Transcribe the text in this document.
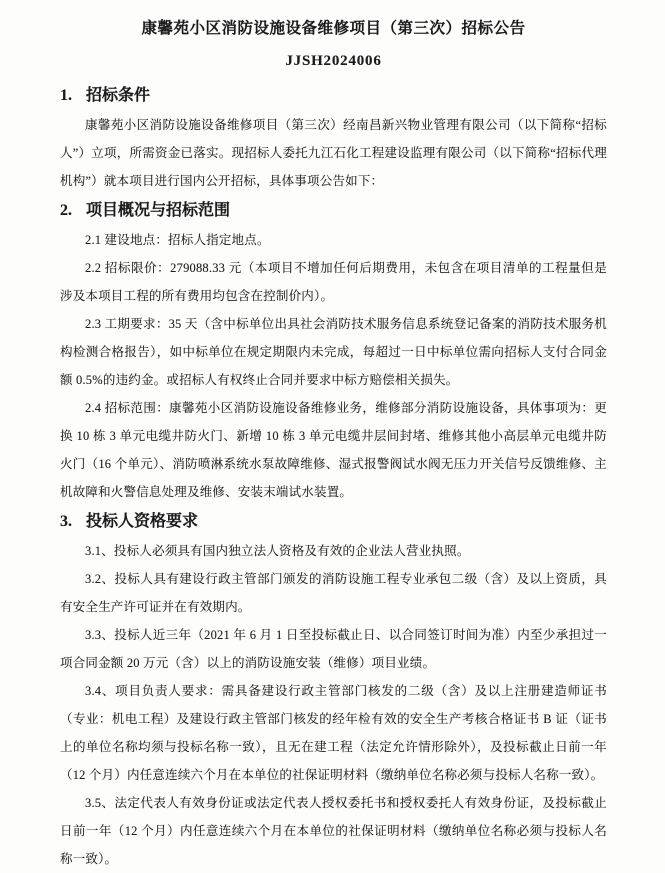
康馨苑小区消防设施设备维修项目（第三次）招标公告
JJSH2024006
1. 招标条件

康馨苑小区消防设施设备维修项目（第三次）经南昌新兴物业管理有限公司（以下简称“招标人”）立项，所需资金已落实。现招标人委托九江石化工程建设监理有限公司（以下简称“招标代理机构”）就本项目进行国内公开招标，具体事项公告如下：

2. 项目概况与招标范围

2.1 建设地点：招标人指定地点。

2.2 招标限价：279088.33 元（本项目不增加任何后期费用，未包含在项目清单的工程量但是涉及本项目工程的所有费用均包含在控制价内）。

2.3 工期要求：35 天（含中标单位出具社会消防技术服务信息系统登记备案的消防技术服务机构检测合格报告），如中标单位在规定期限内未完成，每超过一日中标单位需向招标人支付合同金额 0.5%的违约金。或招标人有权终止合同并要求中标方赔偿相关损失。

2.4 招标范围：康馨苑小区消防设施设备维修业务，维修部分消防设施设备，具体事项为：更换 10 栋 3 单元电缆井防火门、新增 10 栋 3 单元电缆井层间封堵、维修其他小高层单元电缆井防火门（16 个单元）、消防喷淋系统水泵故障维修、湿式报警阀试水阀无压力开关信号反馈维修、主机故障和火警信息处理及维修、安装末端试水装置。

3. 投标人资格要求

3.1、投标人必须具有国内独立法人资格及有效的企业法人营业执照。

3.2、投标人具有建设行政主管部门颁发的消防设施工程专业承包二级（含）及以上资质，具有安全生产许可证并在有效期内。

3.3、投标人近三年（2021 年 6 月 1 日至投标截止日、以合同签订时间为准）内至少承担过一项合同金额 20 万元（含）以上的消防设施安装（维修）项目业绩。

3.4、项目负责人要求：需具备建设行政主管部门核发的二级（含）及以上注册建造师证书（专业：机电工程）及建设行政主管部门核发的经年检有效的安全生产考核合格证书 B 证（证书上的单位名称均须与投标名称一致），且无在建工程（法定允许情形除外），及投标截止日前一年（12 个月）内任意连续六个月在本单位的社保证明材料（缴纳单位名称必须与投标人名称一致）。

3.5、法定代表人有效身份证或法定代表人授权委托书和授权委托人有效身份证，及投标截止日前一年（12 个月）内任意连续六个月在本单位的社保证明材料（缴纳单位名称必须与投标人名称一致）。
